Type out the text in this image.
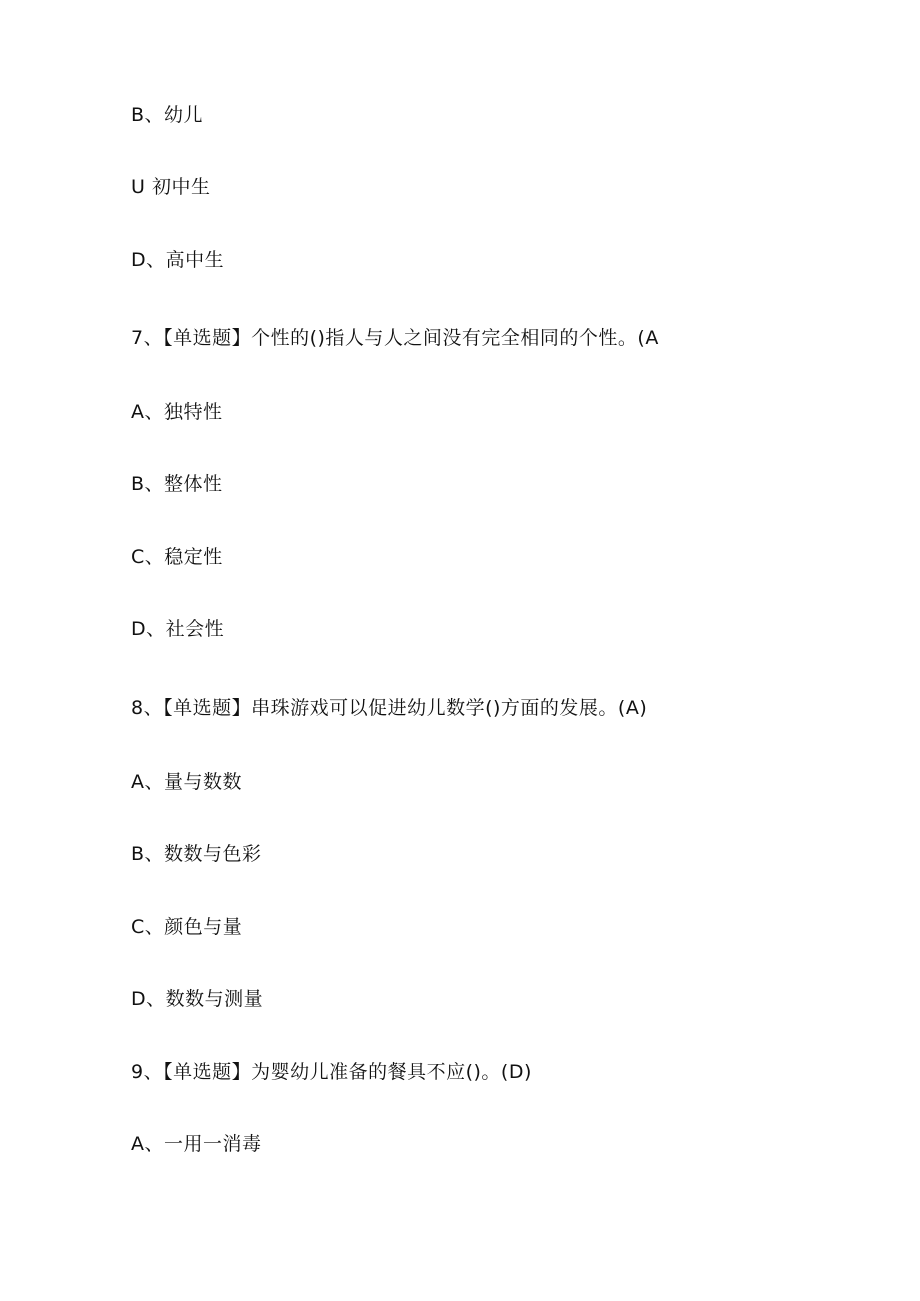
B、幼儿
U 初中生
D、高中生
7、【单选题】个性的()指人与人之间没有完全相同的个性。(A
A、独特性
B、整体性
C、稳定性
D、社会性
8、【单选题】串珠游戏可以促进幼儿数学()方面的发展。(A)
A、量与数数
B、数数与色彩
C、颜色与量
D、数数与测量
9、【单选题】为婴幼儿准备的餐具不应()。(D)
A、一用一消毒
